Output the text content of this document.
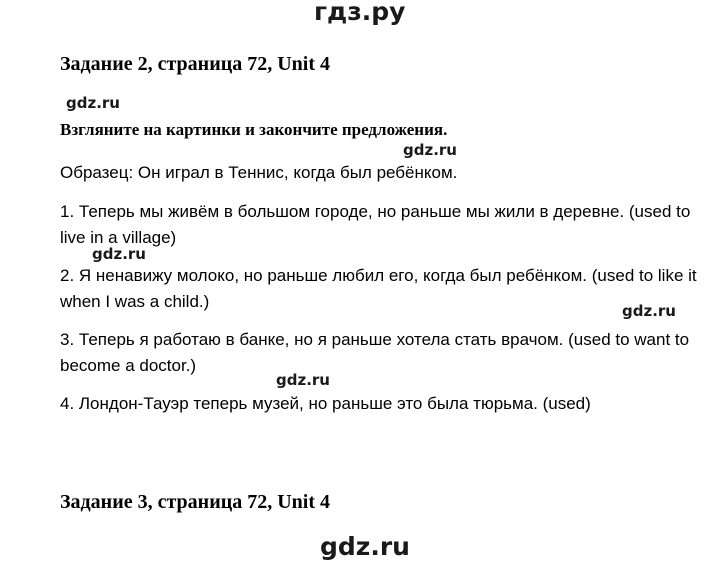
гдз.ру
Задание 2, страница 72, Unit 4
gdz.ru
Взгляните на картинки и закончите предложения.
gdz.ru
Образец: Он играл в Теннис, когда был ребёнком.
1. Теперь мы живём в большом городе, но раньше мы жили в деревне. (used to live in a village)
gdz.ru
2. Я ненавижу молоко, но раньше любил его, когда был ребёнком. (used to like it when I was a child.)	gdz.ru
3. Теперь я работаю в банке, но я раньше хотела стать врачом. (used to want to become a doctor.)
gdz.ru
4. Лондон-Тауэр теперь музей, но раньше это была тюрьма. (used)
Задание 3, страница 72, Unit 4
gdz.ru
